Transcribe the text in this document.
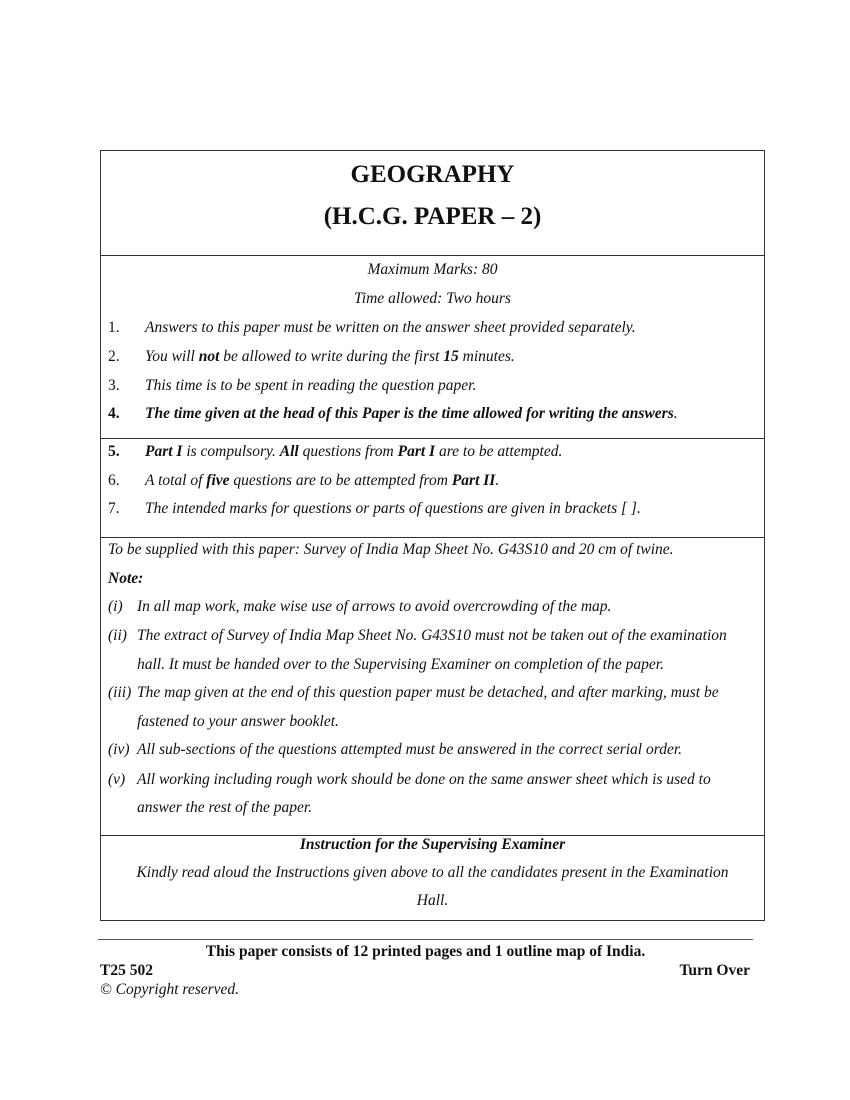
GEOGRAPHY
(H.C.G. PAPER – 2)
Maximum Marks: 80
Time allowed: Two hours
1. Answers to this paper must be written on the answer sheet provided separately.
2. You will not be allowed to write during the first 15 minutes.
3. This time is to be spent in reading the question paper.
4. The time given at the head of this Paper is the time allowed for writing the answers.
5. Part I is compulsory. All questions from Part I are to be attempted.
6. A total of five questions are to be attempted from Part II.
7. The intended marks for questions or parts of questions are given in brackets [ ].
To be supplied with this paper: Survey of India Map Sheet No. G43S10 and 20 cm of twine.
Note:
(i) In all map work, make wise use of arrows to avoid overcrowding of the map.
(ii) The extract of Survey of India Map Sheet No. G43S10 must not be taken out of the examination
hall. It must be handed over to the Supervising Examiner on completion of the paper.
(iii) The map given at the end of this question paper must be detached, and after marking, must be
fastened to your answer booklet.
(iv) All sub-sections of the questions attempted must be answered in the correct serial order.
(v) All working including rough work should be done on the same answer sheet which is used to
answer the rest of the paper.
Instruction for the Supervising Examiner
Kindly read aloud the Instructions given above to all the candidates present in the Examination
Hall.
This paper consists of 12 printed pages and 1 outline map of India.
T25 502	Turn Over
© Copyright reserved.
